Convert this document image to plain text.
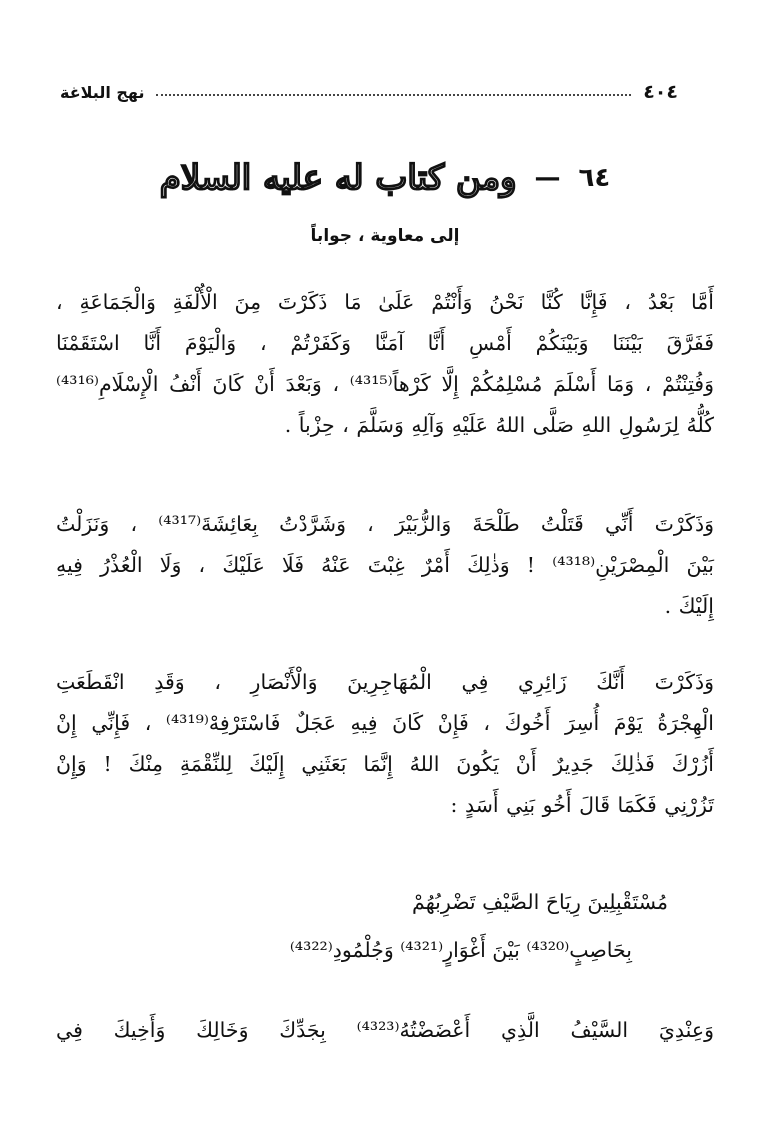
٤٠٤
نهج البلاغة
٦٤
—
ومن كتاب له عليه السلام
إلى معاوية ، جواباً
أَمَّا بَعْدُ ، فَإِنَّا كُنَّا نَحْنُ وَأَنْتُمْ عَلَىٰ مَا ذَكَرْتَ مِنَ الْأُلْفَةِ وَالْجَمَاعَةِ ،
فَفَرَّقَ بَيْنَنَا وَبَيْنَكُمْ أَمْسِ أَنَّا آمَنَّا وَكَفَرْتُمْ ، وَالْيَوْمَ أَنَّا اسْتَقَمْنَا
وَفُتِنْتُمْ ، وَمَا أَسْلَمَ مُسْلِمُكُمْ إِلَّا كَرْهاً⁽⁴³¹⁵⁾ ، وَبَعْدَ أَنْ كَانَ أَنْفُ الْإِسْلَامِ⁽⁴³¹⁶⁾
كُلُّهُ لِرَسُولِ اللهِ صَلَّى اللهُ عَلَيْهِ وَآلِهِ وَسَلَّمَ ، حِزْباً .
وَذَكَرْتَ أَنِّي قَتَلْتُ طَلْحَةَ وَالزُّبَيْرَ ، وَشَرَّدْتُ بِعَائِشَةَ⁽⁴³¹⁷⁾ ، وَنَزَلْتُ
بَيْنَ الْمِصْرَيْنِ⁽⁴³¹⁸⁾ ! وَذٰلِكَ أَمْرٌ غِبْتَ عَنْهُ فَلَا عَلَيْكَ ، وَلَا الْعُذْرُ فِيهِ
إِلَيْكَ .
وَذَكَرْتَ أَنَّكَ زَائِرِي فِي الْمُهَاجِرِينَ وَالْأَنْصَارِ ، وَقَدِ انْقَطَعَتِ
الْهِجْرَةُ يَوْمَ أُسِرَ أَخُوكَ ، فَإِنْ كَانَ فِيهِ عَجَلٌ فَاسْتَرْفِهْ⁽⁴³¹⁹⁾ ، فَإِنِّي إِنْ
أَزُرْكَ فَذٰلِكَ جَدِيرٌ أَنْ يَكُونَ اللهُ إِنَّمَا بَعَثَنِي إِلَيْكَ لِلنِّقْمَةِ مِنْكَ ! وَإِنْ
تَزُرْنِي فَكَمَا قَالَ أَخُو بَنِي أَسَدٍ :
مُسْتَقْبِلِينَ رِيَاحَ الصَّيْفِ تَضْرِبُهُمْ
بِحَاصِبٍ⁽⁴³²⁰⁾ بَيْنَ أَغْوَارٍ⁽⁴³²¹⁾ وَجُلْمُودِ⁽⁴³²²⁾
وَعِنْدِيَ السَّيْفُ الَّذِي أَعْضَضْتُهُ⁽⁴³²³⁾ بِجَدِّكَ وَخَالِكَ وَأَخِيكَ فِي
